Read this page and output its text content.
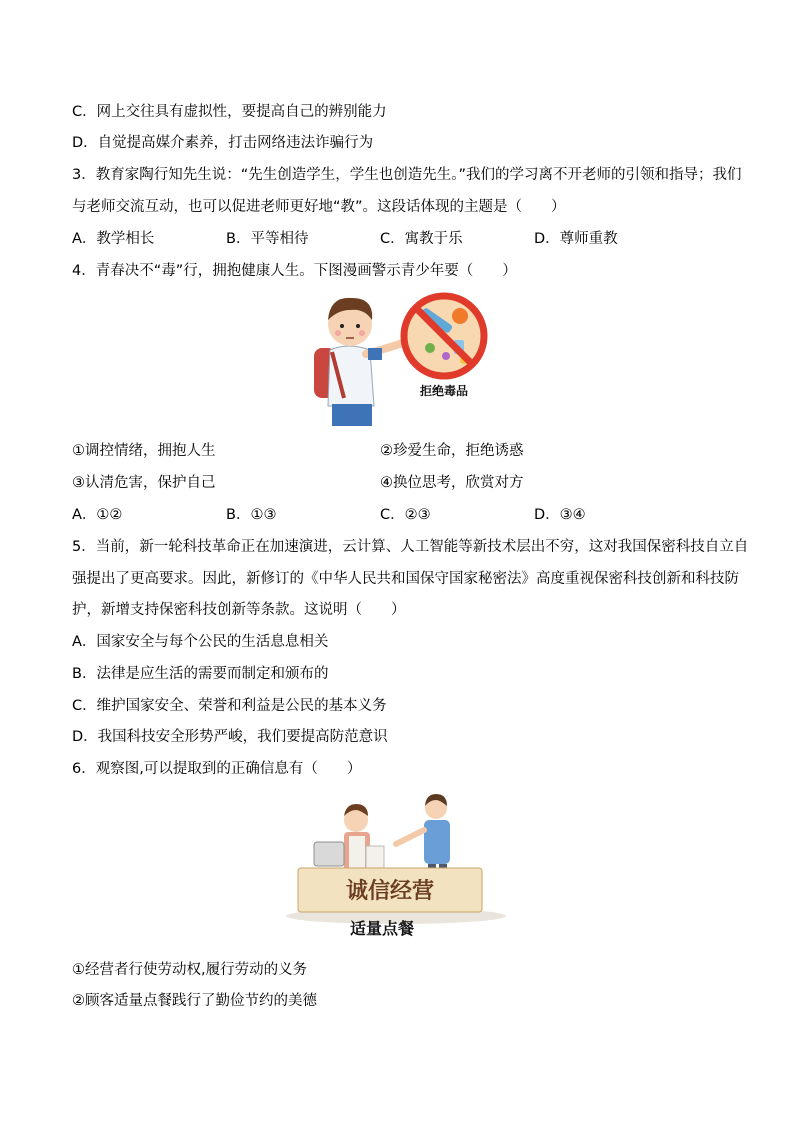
C．网上交往具有虚拟性，要提高自己的辨别能力
D．自觉提高媒介素养，打击网络违法诈骗行为
3．教育家陶行知先生说：“先生创造学生，学生也创造先生。”我们的学习离不开老师的引领和指导；我们
与老师交流互动，也可以促进老师更好地“教”。这段话体现的主题是（　　）
A．教学相长	B．平等相待	C．寓教于乐	D．尊师重教
4．青春决不“毒”行，拥抱健康人生。下图漫画警示青少年要（　　）
拒绝毒品
①调控情绪，拥抱人生	②珍爱生命，拒绝诱惑
③认清危害，保护自己	④换位思考，欣赏对方
A．①②	B．①③	C．②③	D．③④
5．当前，新一轮科技革命正在加速演进，云计算、人工智能等新技术层出不穷，这对我国保密科技自立自
强提出了更高要求。因此，新修订的《中华人民共和国保守国家秘密法》高度重视保密科技创新和科技防
护，新增支持保密科技创新等条款。这说明（　　）
A．国家安全与每个公民的生活息息相关
B．法律是应生活的需要而制定和颁布的
C．维护国家安全、荣誉和利益是公民的基本义务
D．我国科技安全形势严峻，我们要提高防范意识
6．观察图,可以提取到的正确信息有（　　）
诚信经营
适量点餐
①经营者行使劳动权,履行劳动的义务
②顾客适量点餐践行了勤俭节约的美德
